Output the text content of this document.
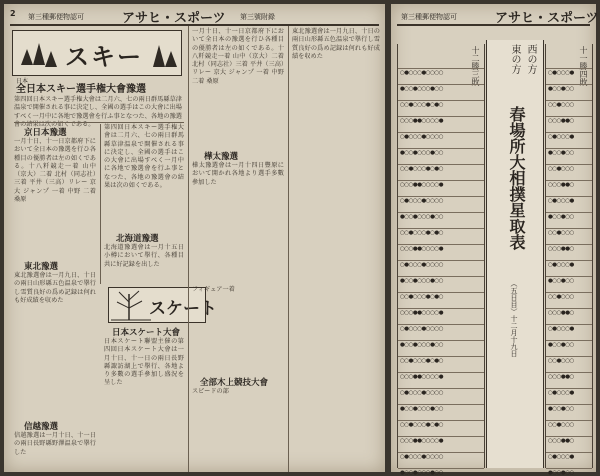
2 第三種郵便物認可	アサヒ・スポーツ 第三號附錄
スキー
日本
全日本スキー選手権大會豫選
第四回日本スキー選手権大會は二月六、七の兩日群馬縣草津温泉で開催される事に決定し、全國の選手はこの大會に出場すべく一月中に各地で豫選會を行ふ事となつた、各地の豫選會の結果は次の如くである。
京日本豫選
一月十日、十一日京都府下において全日本の豫選を行ひ各種目の優勝者は左の如くである。十八粁競走一着 山中（京大）二着 北村（同志社）三着 平井（三高）リレー 京大 ジャンプ 一着 中野 二着 桑原
東北豫選
東北豫選會は一月九日、十日の兩日山形縣五色温泉で擧行し雪質良好の爲め記録は何れも好成績を収めた
信越豫選
信越豫選は一月十日、十一日の兩日長野縣野澤温泉で擧行した
第四回日本スキー選手権大會は二月六、七の兩日群馬縣草津温泉で開催される事に決定し、全國の選手はこの大會に出場すべく一月中に各地で豫選會を行ふ事となつた、各地の豫選會の結果は次の如くである。
北海道豫選
北海道豫選會は一月十五日小樽において擧行、各種目共に好記録を出した
スケート
日本スケート大會
日本スケート聯盟主催の第四回日本スケート大會は一月十日、十一日の兩日長野縣諏訪湖上で擧行、各地より多數の選手參加し盛況を呈した
一月十日、十一日京都府下において全日本の豫選を行ひ各種目の優勝者は左の如くである。十八粁競走一着 山中（京大）二着 北村（同志社）三着 平井（三高）リレー 京大 ジャンプ 一着 中野 二着 桑原
樺太豫選
樺太豫選會は一月十四日豐原において開かれ各地より選手多數參加した
フィギュア一着
全部木上競技大會
スピードの部
東北豫選會は一月九日、十日の兩日山形縣五色温泉で擧行し雪質良好の爲め記録は何れも好成績を収めた
第三種郵便物認可	アサヒ・スポーツ
十二勝三敗
○●○○○●○○○○
●○○●○○○●○○
○○●○○○●○●○
○○○●●○○○○●
○●○○○●○○○○
●○○●○○○●○○
○○●○○○●○●○
○○○●●○○○○●
○●○○○●○○○○
●○○●○○○●○○
○○●○○○●○●○
○○○●●○○○○●
○●○○○●○○○○
●○○●○○○●○○
○○●○○○●○●○
○○○●●○○○○●
○●○○○●○○○○
●○○●○○○●○○
○○●○○○●○●○
○○○●●○○○○●
○●○○○●○○○○
●○○●○○○●○○
○○●○○○●○●○
○○○●●○○○○●
○●○○○●○○○○
●○○●○○○●○○
西の方
東の方
春場所大相撲星取表
（五日目）十二月十九日
十一勝四敗
○●○○○●
●○○●○○
○○●○○○
○○○●●○
○●○○○●
●○○●○○
○○●○○○
○○○●●○
○●○○○●
●○○●○○
○○●○○○
○○○●●○
○●○○○●
●○○●○○
○○●○○○
○○○●●○
○●○○○●
●○○●○○
○○●○○○
○○○●●○
○●○○○●
●○○●○○
○○●○○○
○○○●●○
○●○○○●
●○○●○○
